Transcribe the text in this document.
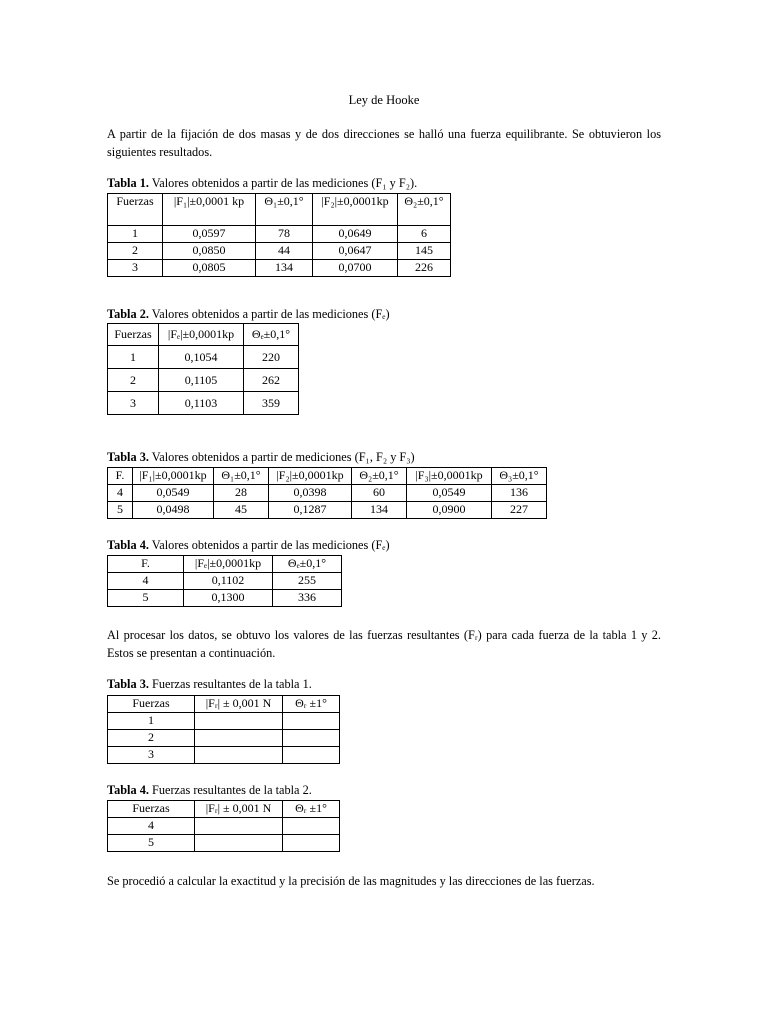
Ley de Hooke
A partir de la fijación de dos masas y de dos direcciones se halló una fuerza equilibrante. Se obtuvieron los siguientes resultados.
Tabla 1. Valores obtenidos a partir de las mediciones (F₁ y F₂).
Fuerzas	|F₁|±0,0001 kp	Θ₁±0,1°	|F₂|±0,0001kp	Θ₂±0,1°
1	0,0597	78	0,0649	6
2	0,0850	44	0,0647	145
3	0,0805	134	0,0700	226
Tabla 2. Valores obtenidos a partir de las mediciones (Fₑ)
Fuerzas	|Fₑ|±0,0001kp	Θₑ±0,1°
1	0,1054	220
2	0,1105	262
3	0,1103	359
Tabla 3. Valores obtenidos a partir de mediciones (F₁, F₂ y F₃)
F.	|F₁|±0,0001kp	Θ₁±0,1°	|F₂|±0,0001kp	Θ₂±0,1°	|F₃|±0,0001kp	Θ₃±0,1°
4	0,0549	28	0,0398	60	0,0549	136
5	0,0498	45	0,1287	134	0,0900	227
Tabla 4. Valores obtenidos a partir de las mediciones (Fₑ)
F.	|Fₑ|±0,0001kp	Θₑ±0,1°
4	0,1102	255
5	0,1300	336
Al procesar los datos, se obtuvo los valores de las fuerzas resultantes (Fᵣ) para cada fuerza de la tabla 1 y 2. Estos se presentan a continuación.
Tabla 3. Fuerzas resultantes de la tabla 1.
Fuerzas	|Fᵣ| ± 0,001 N	Θᵣ ±1°
1		
2		
3		
Tabla 4. Fuerzas resultantes de la tabla 2.
Fuerzas	|Fᵣ| ± 0,001 N	Θᵣ ±1°
4		
5		
Se procedió a calcular la exactitud y la precisión de las magnitudes y las direcciones de las fuerzas.
